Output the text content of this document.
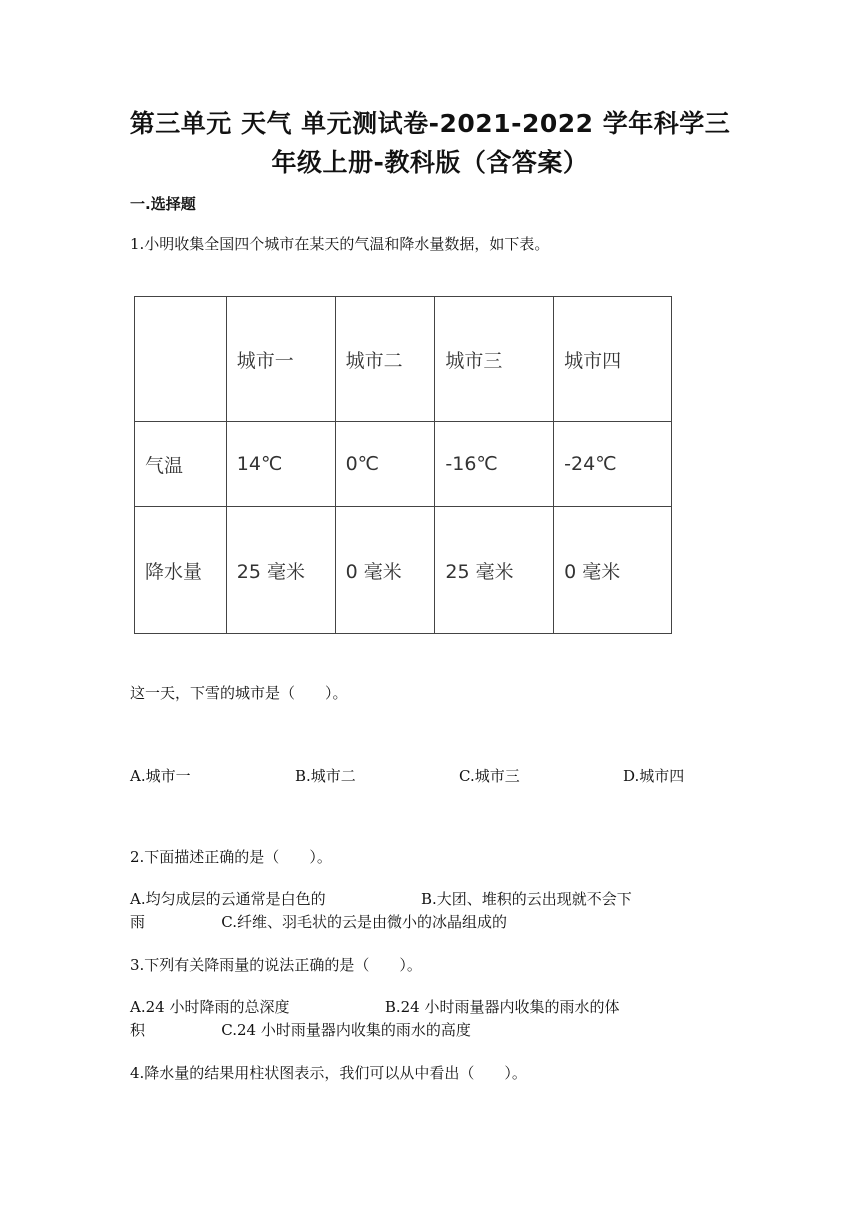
第三单元 天气 单元测试卷-2021-2022 学年科学三
年级上册-教科版（含答案）
一.选择题
1.小明收集全国四个城市在某天的气温和降水量数据，如下表。
	城市一	城市二	城市三	城市四
气温	14℃	0℃	-16℃	-24℃
降水量	25 毫米	0 毫米	25 毫米	0 毫米
这一天，下雪的城市是（　　）。
A.城市一	B.城市二	C.城市三	D.城市四
2.下面描述正确的是（　　）。
A.均匀成层的云通常是白色的                    B.大团、堆积的云出现就不会下
雨                C.纤维、羽毛状的云是由微小的冰晶组成的
3.下列有关降雨量的说法正确的是（　　）。
A.24 小时降雨的总深度                    B.24 小时雨量器内收集的雨水的体
积                C.24 小时雨量器内收集的雨水的高度
4.降水量的结果用柱状图表示，我们可以从中看出（　　）。
